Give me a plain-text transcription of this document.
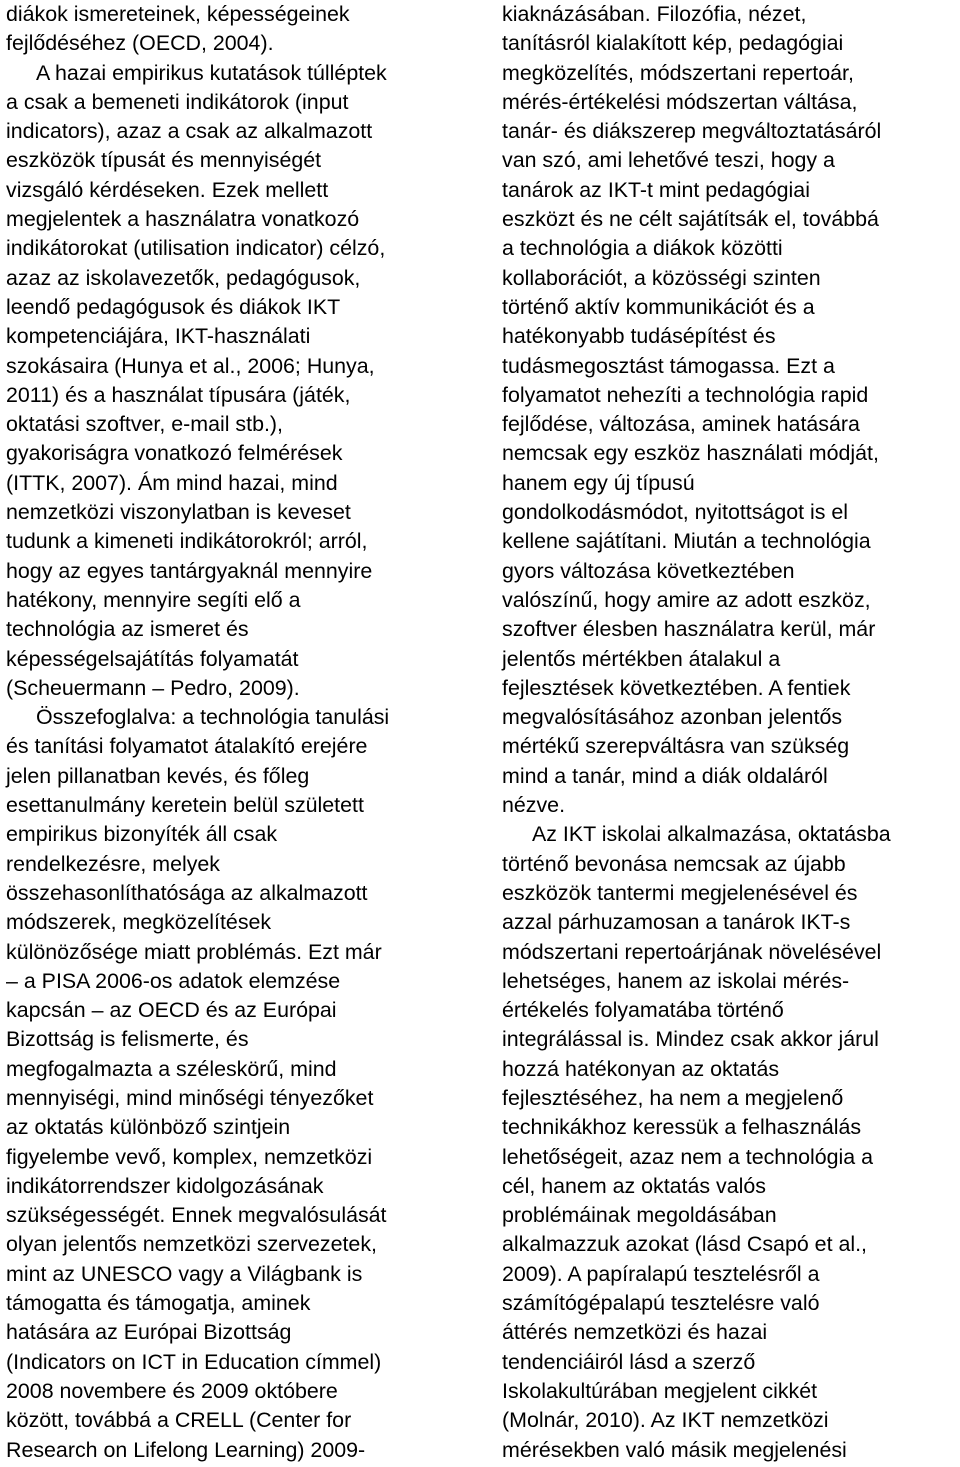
diákok ismereteinek, képességeinek
fejlődéséhez (OECD, 2004).
A hazai empirikus kutatások túlléptek
a csak a bemeneti indikátorok (input
indicators), azaz a csak az alkalmazott
eszközök típusát és mennyiségét
vizsgáló kérdéseken. Ezek mellett
megjelentek a használatra vonatkozó
indikátorokat (utilisation indicator) célzó,
azaz az iskolavezetők, pedagógusok,
leendő pedagógusok és diákok IKT
kompetenciájára, IKT-használati
szokásaira (Hunya et al., 2006; Hunya,
2011) és a használat típusára (játék,
oktatási szoftver, e-mail stb.),
gyakoriságra vonatkozó felmérések
(ITTK, 2007). Ám mind hazai, mind
nemzetközi viszonylatban is keveset
tudunk a kimeneti indikátorokról; arról,
hogy az egyes tantárgyaknál mennyire
hatékony, mennyire segíti elő a
technológia az ismeret és
képességelsajátítás folyamatát
(Scheuermann – Pedro, 2009).
Összefoglalva: a technológia tanulási
és tanítási folyamatot átalakító erejére
jelen pillanatban kevés, és főleg
esettanulmány keretein belül született
empirikus bizonyíték áll csak
rendelkezésre, melyek
összehasonlíthatósága az alkalmazott
módszerek, megközelítések
különözősége miatt problémás. Ezt már
– a PISA 2006-os adatok elemzése
kapcsán – az OECD és az Európai
Bizottság is felismerte, és
megfogalmazta a széleskörű, mind
mennyiségi, mind minőségi tényezőket
az oktatás különböző szintjein
figyelembe vevő, komplex, nemzetközi
indikátorrendszer kidolgozásának
szükségességét. Ennek megvalósulását
olyan jelentős nemzetközi szervezetek,
mint az UNESCO vagy a Világbank is
támogatta és támogatja, aminek
hatására az Európai Bizottság
(Indicators on ICT in Education címmel)
2008 novembere és 2009 októbere
között, továbbá a CRELL (Center for
Research on Lifelong Learning) 2009-
kiaknázásában. Filozófia, nézet,
tanításról kialakított kép, pedagógiai
megközelítés, módszertani repertoár,
mérés-értékelési módszertan váltása,
tanár- és diákszerep megváltoztatásáról
van szó, ami lehetővé teszi, hogy a
tanárok az IKT-t mint pedagógiai
eszközt és ne célt sajátítsák el, továbbá
a technológia a diákok közötti
kollaborációt, a közösségi szinten
történő aktív kommunikációt és a
hatékonyabb tudásépítést és
tudásmegosztást támogassa. Ezt a
folyamatot nehezíti a technológia rapid
fejlődése, változása, aminek hatására
nemcsak egy eszköz használati módját,
hanem egy új típusú
gondolkodásmódot, nyitottságot is el
kellene sajátítani. Miután a technológia
gyors változása következtében
valószínű, hogy amire az adott eszköz,
szoftver élesben használatra kerül, már
jelentős mértékben átalakul a
fejlesztések következtében. A fentiek
megvalósításához azonban jelentős
mértékű szerepváltásra van szükség
mind a tanár, mind a diák oldaláról
nézve.
Az IKT iskolai alkalmazása, oktatásba
történő bevonása nemcsak az újabb
eszközök tantermi megjelenésével és
azzal párhuzamosan a tanárok IKT-s
módszertani repertoárjának növelésével
lehetséges, hanem az iskolai mérés-
értékelés folyamatába történő
integrálással is. Mindez csak akkor járul
hozzá hatékonyan az oktatás
fejlesztéséhez, ha nem a megjelenő
technikákhoz keressük a felhasználás
lehetőségeit, azaz nem a technológia a
cél, hanem az oktatás valós
problémáinak megoldásában
alkalmazzuk azokat (lásd Csapó et al.,
2009). A papíralapú tesztelésről a
számítógépalapú tesztelésre való
áttérés nemzetközi és hazai
tendenciáiról lásd a szerző
Iskolakultúrában megjelent cikkét
(Molnár, 2010). Az IKT nemzetközi
mérésekben való másik megjelenési
